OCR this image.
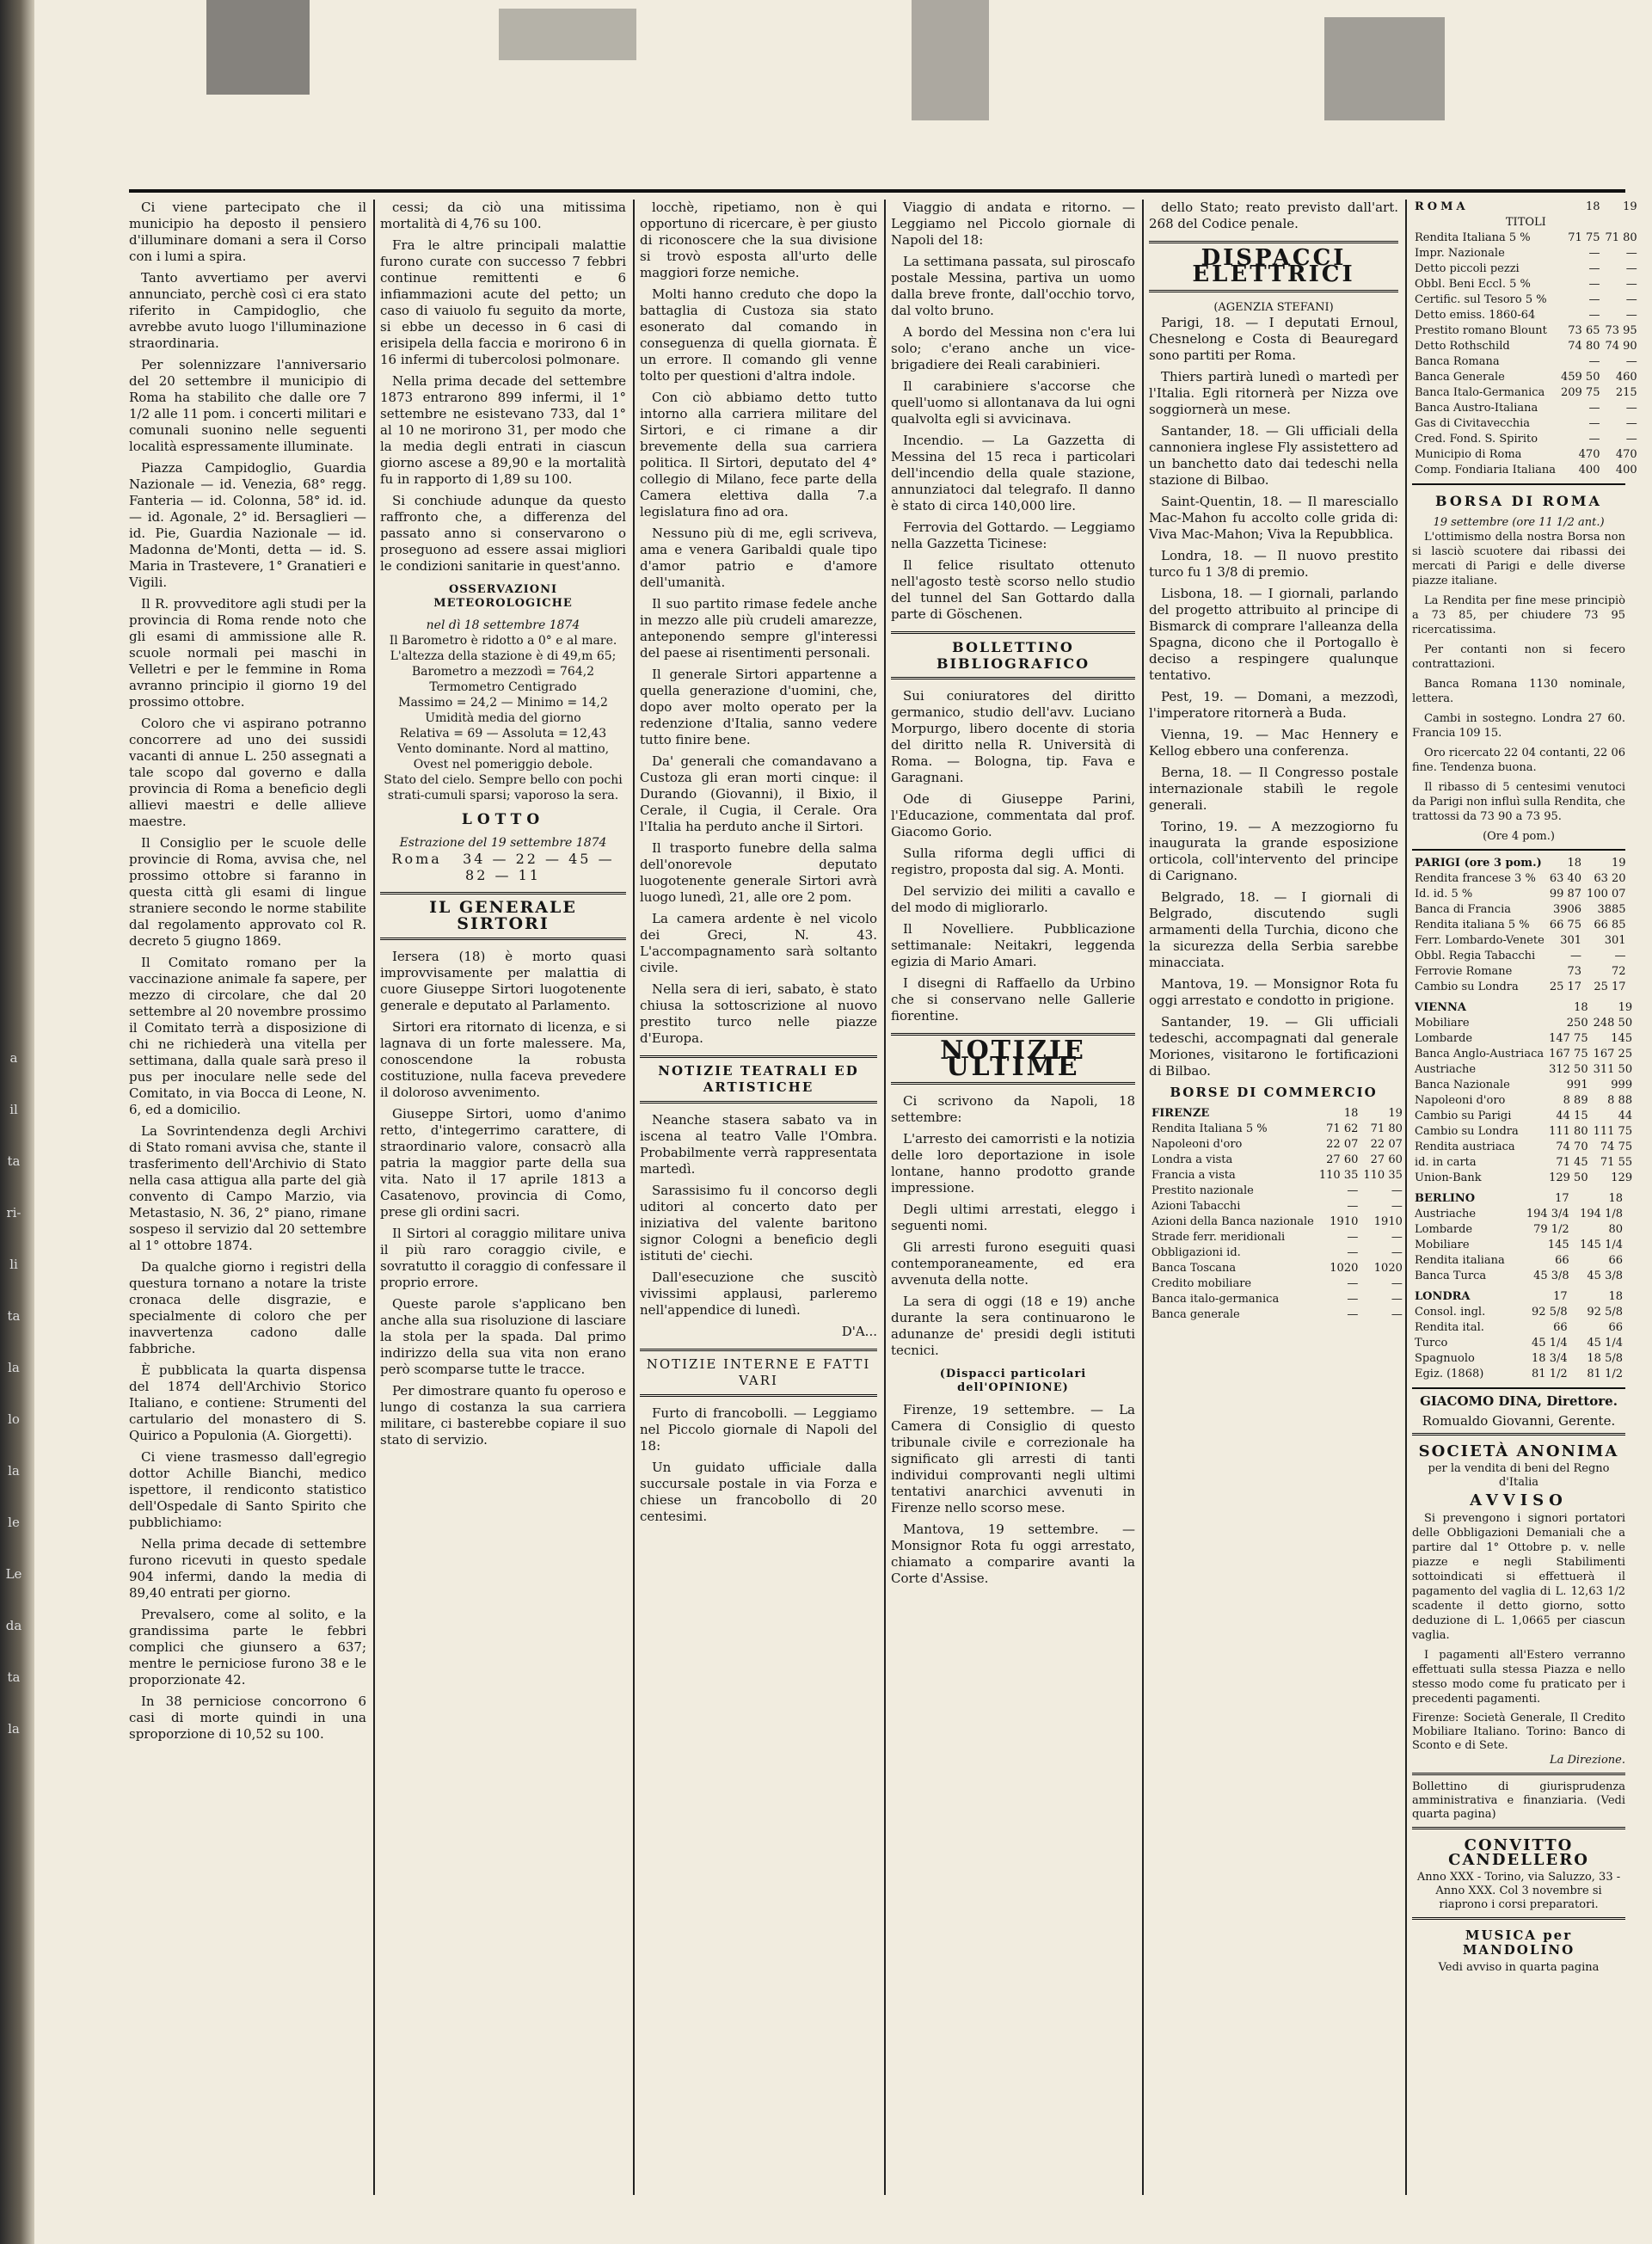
a
il
ta
ri-
li
ta
la
lo
la
le
Le
da
ta
la

Ci viene partecipato che il municipio ha deposto il pensiero d'illuminare domani a sera il Corso con i lumi a spira.

Tanto avvertiamo per avervi annunciato, perchè così ci era stato riferito in Campidoglio, che avrebbe avuto luogo l'illuminazione straordinaria.

Per solennizzare l'anniversario del 20 settembre il municipio di Roma ha stabilito che dalle ore 7 1/2 alle 11 pom. i concerti militari e comunali suonino nelle seguenti località espressamente illuminate.

Piazza Campidoglio, Guardia Nazionale — id. Venezia, 68° regg. Fanteria — id. Colonna, 58° id. id. — id. Agonale, 2° id. Bersaglieri — id. Pie, Guardia Nazionale — id. Madonna de'Monti, detta — id. S. Maria in Trastevere, 1° Granatieri e Vigili.

Il R. provveditore agli studi per la provincia di Roma rende noto che gli esami di ammissione alle R. scuole normali pei maschi in Velletri e per le femmine in Roma avranno principio il giorno 19 del prossimo ottobre.

Coloro che vi aspirano potranno concorrere ad uno dei sussidi vacanti di annue L. 250 assegnati a tale scopo dal governo e dalla provincia di Roma a beneficio degli allievi maestri e delle allieve maestre.

Il Consiglio per le scuole delle provincie di Roma, avvisa che, nel prossimo ottobre si faranno in questa città gli esami di lingue straniere secondo le norme stabilite dal regolamento approvato col R. decreto 5 giugno 1869.

Il Comitato romano per la vaccinazione animale fa sapere, per mezzo di circolare, che dal 20 settembre al 20 novembre prossimo il Comitato terrà a disposizione di chi ne richiederà una vitella per settimana, dalla quale sarà preso il pus per inoculare nelle sede del Comitato, in via Bocca di Leone, N. 6, ed a domicilio.

La Sovrintendenza degli Archivi di Stato romani avvisa che, stante il trasferimento dell'Archivio di Stato nella casa attigua alla parte del già convento di Campo Marzio, via Metastasio, N. 36, 2° piano, rimane sospeso il servizio dal 20 settembre al 1° ottobre 1874.

Da qualche giorno i registri della questura tornano a notare la triste cronaca delle disgrazie, e specialmente di coloro che per inavvertenza cadono dalle fabbriche.

È pubblicata la quarta dispensa del 1874 dell'Archivio Storico Italiano, e contiene: Strumenti del cartulario del monastero di S. Quirico a Populonia (A. Giorgetti).

Ci viene trasmesso dall'egregio dottor Achille Bianchi, medico ispettore, il rendiconto statistico dell'Ospedale di Santo Spirito che pubblichiamo:

Nella prima decade di settembre furono ricevuti in questo spedale 904 infermi, dando la media di 89,40 entrati per giorno.

Prevalsero, come al solito, e la grandissima parte le febbri complici che giunsero a 637; mentre le perniciose furono 38 e le proporzionate 42.

In 38 perniciose concorrono 6 casi di morte quindi in una sproporzione di 10,52 su 100.

cessi; da ciò una mitissima mortalità di 4,76 su 100.

Fra le altre principali malattie furono curate con successo 7 febbri continue remittenti e 6 infiammazioni acute del petto; un caso di vaiuolo fu seguito da morte, si ebbe un decesso in 6 casi di erisipela della faccia e morirono 6 in 16 infermi di tubercolosi polmonare.

Nella prima decade del settembre 1873 entrarono 899 infermi, il 1° settembre ne esistevano 733, dal 1° al 10 ne morirono 31, per modo che la media degli entrati in ciascun giorno ascese a 89,90 e la mortalità fu in rapporto di 1,89 su 100.

Si conchiude adunque da questo raffronto che, a differenza del passato anno si conservarono o proseguono ad essere assai migliori le condizioni sanitarie in quest'anno.

OSSERVAZIONI METEOROLOGICHE
nel dì 18 settembre 1874
Il Barometro è ridotto a 0° e al mare. L'altezza della stazione è di 49,m 65;
Barometro a mezzodì = 764,2
Termometro Centigrado
Massimo = 24,2 — Minimo = 14,2
Umidità media del giorno
Relativa = 69 — Assoluta = 12,43
Vento dominante. Nord al mattino, Ovest nel pomeriggio debole.
Stato del cielo. Sempre bello con pochi strati-cumuli sparsi; vaporoso la sera.
LOTTO
Estrazione del 19 settembre 1874
Roma 34 — 22 — 45 — 82 — 11
IL GENERALE SIRTORI

Iersera (18) è morto quasi improvvisamente per malattia di cuore Giuseppe Sirtori luogotenente generale e deputato al Parlamento.

Sirtori era ritornato di licenza, e si lagnava di un forte malessere. Ma, conoscendone la robusta costituzione, nulla faceva prevedere il doloroso avvenimento.

Giuseppe Sirtori, uomo d'animo retto, d'integerrimo carattere, di straordinario valore, consacrò alla patria la maggior parte della sua vita. Nato il 17 aprile 1813 a Casatenovo, provincia di Como, prese gli ordini sacri.

Il Sirtori al coraggio militare univa il più raro coraggio civile, e sovratutto il coraggio di confessare il proprio errore.

Queste parole s'applicano ben anche alla sua risoluzione di lasciare la stola per la spada. Dal primo indirizzo della sua vita non erano però scomparse tutte le tracce.

Per dimostrare quanto fu operoso e lungo di costanza la sua carriera militare, ci basterebbe copiare il suo stato di servizio.

locchè, ripetiamo, non è qui opportuno di ricercare, è per giusto di riconoscere che la sua divisione si trovò esposta all'urto delle maggiori forze nemiche.

Molti hanno creduto che dopo la battaglia di Custoza sia stato esonerato dal comando in conseguenza di quella giornata. È un errore. Il comando gli venne tolto per questioni d'altra indole.

Con ciò abbiamo detto tutto intorno alla carriera militare del Sirtori, e ci rimane a dir brevemente della sua carriera politica. Il Sirtori, deputato del 4° collegio di Milano, fece parte della Camera elettiva dalla 7.a legislatura fino ad ora.

Nessuno più di me, egli scriveva, ama e venera Garibaldi quale tipo d'amor patrio e d'amore dell'umanità.

Il suo partito rimase fedele anche in mezzo alle più crudeli amarezze, anteponendo sempre gl'interessi del paese ai risentimenti personali.

Il generale Sirtori appartenne a quella generazione d'uomini, che, dopo aver molto operato per la redenzione d'Italia, sanno vedere tutto finire bene.

Da' generali che comandavano a Custoza gli eran morti cinque: il Durando (Giovanni), il Bixio, il Cerale, il Cugia, il Cerale. Ora l'Italia ha perduto anche il Sirtori.

Il trasporto funebre della salma dell'onorevole deputato luogotenente generale Sirtori avrà luogo lunedì, 21, alle ore 2 pom.

La camera ardente è nel vicolo dei Greci, N. 43. L'accompagnamento sarà soltanto civile.

Nella sera di ieri, sabato, è stato chiusa la sottoscrizione al nuovo prestito turco nelle piazze d'Europa.

NOTIZIE TEATRALI ED ARTISTICHE

Neanche stasera sabato va in iscena al teatro Valle l'Ombra. Probabilmente verrà rappresentata martedì.

Sarassisimo fu il concorso degli uditori al concerto dato per iniziativa del valente baritono signor Cologni a beneficio degli istituti de' ciechi.

Dall'esecuzione che suscitò vivissimi applausi, parleremo nell'appendice di lunedì.

D'A...
NOTIZIE INTERNE E FATTI VARI

Furto di francobolli. — Leggiamo nel Piccolo giornale di Napoli del 18:

Un guidato ufficiale dalla succursale postale in via Forza e chiese un francobollo di 20 centesimi.

Viaggio di andata e ritorno. — Leggiamo nel Piccolo giornale di Napoli del 18:

La settimana passata, sul piroscafo postale Messina, partiva un uomo dalla breve fronte, dall'occhio torvo, dal volto bruno.

A bordo del Messina non c'era lui solo; c'erano anche un vice-brigadiere dei Reali carabinieri.

Il carabiniere s'accorse che quell'uomo si allontanava da lui ogni qualvolta egli si avvicinava.

Incendio. — La Gazzetta di Messina del 15 reca i particolari dell'incendio della quale stazione, annunziatoci dal telegrafo. Il danno è stato di circa 140,000 lire.

Ferrovia del Gottardo. — Leggiamo nella Gazzetta Ticinese:

Il felice risultato ottenuto nell'agosto testè scorso nello studio del tunnel del San Gottardo dalla parte di Göschenen.

BOLLETTINO BIBLIOGRAFICO

Sui coniuratores del diritto germanico, studio dell'avv. Luciano Morpurgo, libero docente di storia del diritto nella R. Università di Roma. — Bologna, tip. Fava e Garagnani.

Ode di Giuseppe Parini, l'Educazione, commentata dal prof. Giacomo Gorio.

Sulla riforma degli uffici di registro, proposta dal sig. A. Monti.

Del servizio dei militi a cavallo e del modo di migliorarlo.

Il Novelliere. Pubblicazione settimanale: Neitakri, leggenda egizia di Mario Amari.

I disegni di Raffaello da Urbino che si conservano nelle Gallerie fiorentine.

NOTIZIE ULTIME

Ci scrivono da Napoli, 18 settembre:

L'arresto dei camorristi e la notizia delle loro deportazione in isole lontane, hanno prodotto grande impressione.

Degli ultimi arrestati, eleggo i seguenti nomi.

Gli arresti furono eseguiti quasi contemporaneamente, ed era avvenuta della notte.

La sera di oggi (18 e 19) anche durante la sera continuarono le adunanze de' presidi degli istituti tecnici.

(Dispacci particolari dell'OPINIONE)

Firenze, 19 settembre. — La Camera di Consiglio di questo tribunale civile e correzionale ha significato gli arresti di tanti individui comprovanti negli ultimi tentativi anarchici avvenuti in Firenze nello scorso mese.

Mantova, 19 settembre. — Monsignor Rota fu oggi arrestato, chiamato a comparire avanti la Corte d'Assise.

dello Stato; reato previsto dall'art. 268 del Codice penale.

DISPACCI ELETTRICI
(AGENZIA STEFANI)

Parigi, 18. — I deputati Ernoul, Chesnelong e Costa di Beauregard sono partiti per Roma.

Thiers partirà lunedì o martedì per l'Italia. Egli ritornerà per Nizza ove soggiornerà un mese.

Santander, 18. — Gli ufficiali della cannoniera inglese Fly assistettero ad un banchetto dato dai tedeschi nella stazione di Bilbao.

Saint-Quentin, 18. — Il maresciallo Mac-Mahon fu accolto colle grida di: Viva Mac-Mahon; Viva la Repubblica.

Londra, 18. — Il nuovo prestito turco fu 1 3/8 di premio.

Lisbona, 18. — I giornali, parlando del progetto attribuito al principe di Bismarck di comprare l'alleanza della Spagna, dicono che il Portogallo è deciso a respingere qualunque tentativo.

Pest, 19. — Domani, a mezzodì, l'imperatore ritornerà a Buda.

Vienna, 19. — Mac Hennery e Kellog ebbero una conferenza.

Berna, 18. — Il Congresso postale internazionale stabilì le regole generali.

Torino, 19. — A mezzogiorno fu inaugurata la grande esposizione orticola, coll'intervento del principe di Carignano.

Belgrado, 18. — I giornali di Belgrado, discutendo sugli armamenti della Turchia, dicono che la sicurezza della Serbia sarebbe minacciata.

Mantova, 19. — Monsignor Rota fu oggi arrestato e condotto in prigione.

Santander, 19. — Gli ufficiali tedeschi, accompagnati dal generale Moriones, visitarono le fortificazioni di Bilbao.

BORSE DI COMMERCIO
FIRENZE	18	19
Rendita Italiana 5 %	71 62	71 80
Napoleoni d'oro	22 07	22 07
Londra a vista	27 60	27 60
Francia a vista	110 35	110 35
Prestito nazionale	—	—
Azioni Tabacchi	—	—
Azioni della Banca nazionale	1910	1910
Strade ferr. meridionali	—	—
Obbligazioni id.	—	—
Banca Toscana	1020	1020
Credito mobiliare	—	—
Banca italo-germanica	—	—
Banca generale	—	—
ROMA	18	19
TITOLI		
Rendita Italiana 5 %	71 75	71 80
Impr. Nazionale	—	—
Detto piccoli pezzi	—	—
Obbl. Beni Eccl. 5 %	—	—
Certific. sul Tesoro 5 %	—	—
Detto emiss. 1860-64	—	—
Prestito romano Blount	73 65	73 95
Detto Rothschild	74 80	74 90
Banca Romana	—	—
Banca Generale	459 50	460
Banca Italo-Germanica	209 75	215
Banca Austro-Italiana	—	—
Gas di Civitavecchia	—	—
Cred. Fond. S. Spirito	—	—
Municipio di Roma	470	470
Comp. Fondiaria Italiana	400	400
BORSA DI ROMA
19 settembre (ore 11 1/2 ant.)

L'ottimismo della nostra Borsa non si lasciò scuotere dai ribassi dei mercati di Parigi e delle diverse piazze italiane.

La Rendita per fine mese principiò a 73 85, per chiudere 73 95 ricercatissima.

Per contanti non si fecero contrattazioni.

Banca Romana 1130 nominale, lettera.

Cambi in sostegno. Londra 27 60. Francia 109 15.

Oro ricercato 22 04 contanti, 22 06 fine. Tendenza buona.

Il ribasso di 5 centesimi venutoci da Parigi non influì sulla Rendita, che trattossi da 73 90 a 73 95.

(Ore 4 pom.)
PARIGI (ore 3 pom.)	18	19
Rendita francese 3 %	63 40	63 20
Id. id. 5 %	99 87	100 07
Banca di Francia	3906	3885
Rendita italiana 5 %	66 75	66 85
Ferr. Lombardo-Venete	301	301
Obbl. Regia Tabacchi	—	—
Ferrovie Romane	73	72
Cambio su Londra	25 17	25 17
VIENNA	18	19
Mobiliare	250	248 50
Lombarde	147 75	145
Banca Anglo-Austriaca	167 75	167 25
Austriache	312 50	311 50
Banca Nazionale	991	999
Napoleoni d'oro	8 89	8 88
Cambio su Parigi	44 15	44
Cambio su Londra	111 80	111 75
Rendita austriaca	74 70	74 75
id. in carta	71 45	71 55
Union-Bank	129 50	129
BERLINO	17	18
Austriache	194 3/4	194 1/8
Lombarde	79 1/2	80
Mobiliare	145	145 1/4
Rendita italiana	66	66
Banca Turca	45 3/8	45 3/8
LONDRA	17	18
Consol. ingl.	92 5/8	92 5/8
Rendita ital.	66	66
Turco	45 1/4	45 1/4
Spagnuolo	18 3/4	18 5/8
Egiz. (1868)	81 1/2	81 1/2
GIACOMO DINA, Direttore.
Romualdo Giovanni, Gerente.
SOCIETÀ ANONIMA
per la vendita di beni del Regno d'Italia
AVVISO

Si prevengono i signori portatori delle Obbligazioni Demaniali che a partire dal 1° Ottobre p. v. nelle piazze e negli Stabilimenti sottoindicati si effettuerà il pagamento del vaglia di L. 12,63 1/2 scadente il detto giorno, sotto deduzione di L. 1,0665 per ciascun vaglia.

I pagamenti all'Estero verranno effettuati sulla stessa Piazza e nello stesso modo come fu praticato per i precedenti pagamenti.

Firenze: Società Generale, Il Credito Mobiliare Italiano. Torino: Banco di Sconto e di Sete.
La Direzione.
Bollettino di giurisprudenza amministrativa e finanziaria. (Vedi quarta pagina)
CONVITTO CANDELLERO
Anno XXX - Torino, via Saluzzo, 33 - Anno XXX. Col 3 novembre si riaprono i corsi preparatori.
MUSICA per MANDOLINO
Vedi avviso in quarta pagina
